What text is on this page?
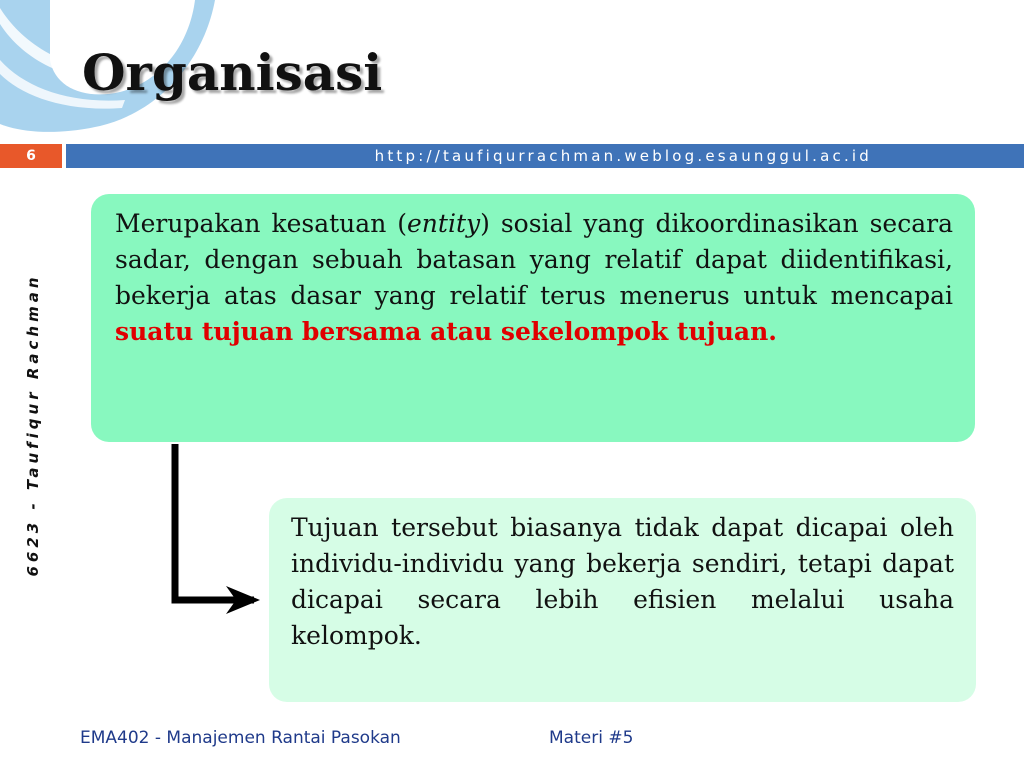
Organisasi
6	http://taufiqurrachman.weblog.esaunggul.ac.id
6623 - Taufiqur Rachman
Merupakan kesatuan (entity) sosial yang dikoordinasikan secara sadar, dengan sebuah batasan yang relatif dapat diidentifikasi, bekerja atas dasar yang relatif terus menerus untuk mencapai suatu tujuan bersama atau sekelompok tujuan.
Tujuan tersebut biasanya tidak dapat dicapai oleh individu-individu yang bekerja sendiri, tetapi dapat dicapai secara lebih efisien melalui usaha kelompok.
EMA402 - Manajemen Rantai Pasokan	Materi #5
